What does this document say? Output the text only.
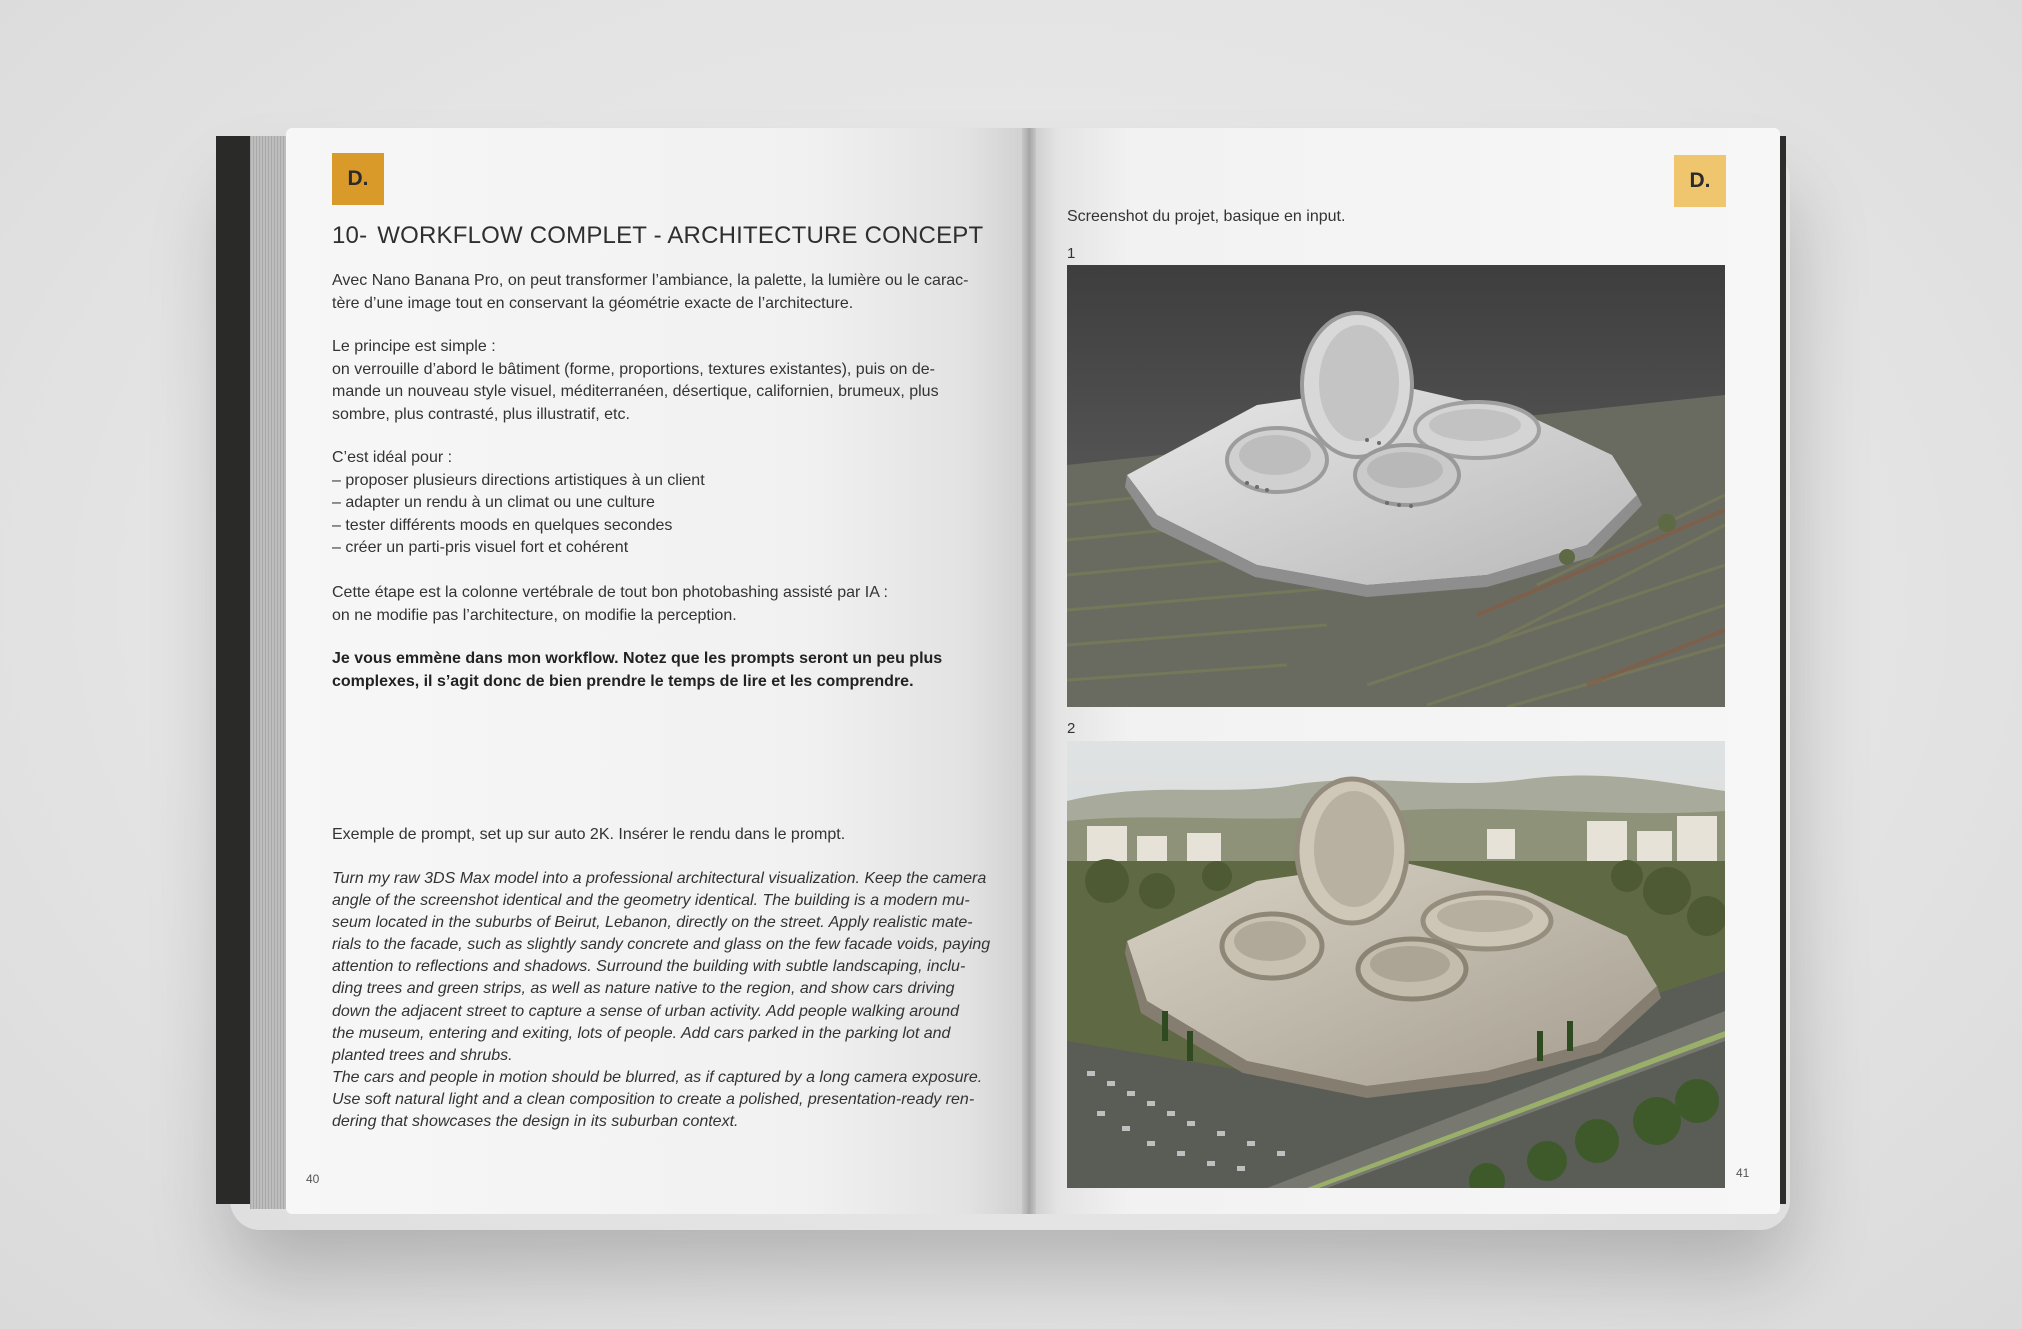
D.
10- WORKFLOW COMPLET - ARCHITECTURE CONCEPT

Avec Nano Banana Pro, on peut transformer l’ambiance, la palette, la lumière ou le carac-

tère d’une image tout en conservant la géométrie exacte de l’architecture.

Le principe est simple :

on verrouille d’abord le bâtiment (forme, proportions, textures existantes), puis on de-

mande un nouveau style visuel, méditerranéen, désertique, californien, brumeux, plus

sombre, plus contrasté, plus illustratif, etc.

C’est idéal pour :

– proposer plusieurs directions artistiques à un client

– adapter un rendu à un climat ou une culture

– tester différents moods en quelques secondes

– créer un parti-pris visuel fort et cohérent

Cette étape est la colonne vertébrale de tout bon photobashing assisté par IA :

on ne modifie pas l’architecture, on modifie la perception.

Je vous emmène dans mon workflow. Notez que les prompts seront un peu plus

complexes, il s’agit donc de bien prendre le temps de lire et les comprendre.

Exemple de prompt, set up sur auto 2K. Insérer le rendu dans le prompt.

Turn my raw 3DS Max model into a professional architectural visualization. Keep the camera

angle of the screenshot identical and the geometry identical. The building is a modern mu-

seum located in the suburbs of Beirut, Lebanon, directly on the street. Apply realistic mate-

rials to the facade, such as slightly sandy concrete and glass on the few facade voids, paying

attention to reflections and shadows. Surround the building with subtle landscaping, inclu-

ding trees and green strips, as well as nature native to the region, and show cars driving

down the adjacent street to capture a sense of urban activity. Add people walking around

the museum, entering and exiting, lots of people. Add cars parked in the parking lot and

planted trees and shrubs.

The cars and people in motion should be blurred, as if captured by a long camera exposure.

Use soft natural light and a clean composition to create a polished, presentation-ready ren-

dering that showcases the design in its suburban context.

40
D.
Screenshot du projet, basique en input.
1
2
41
